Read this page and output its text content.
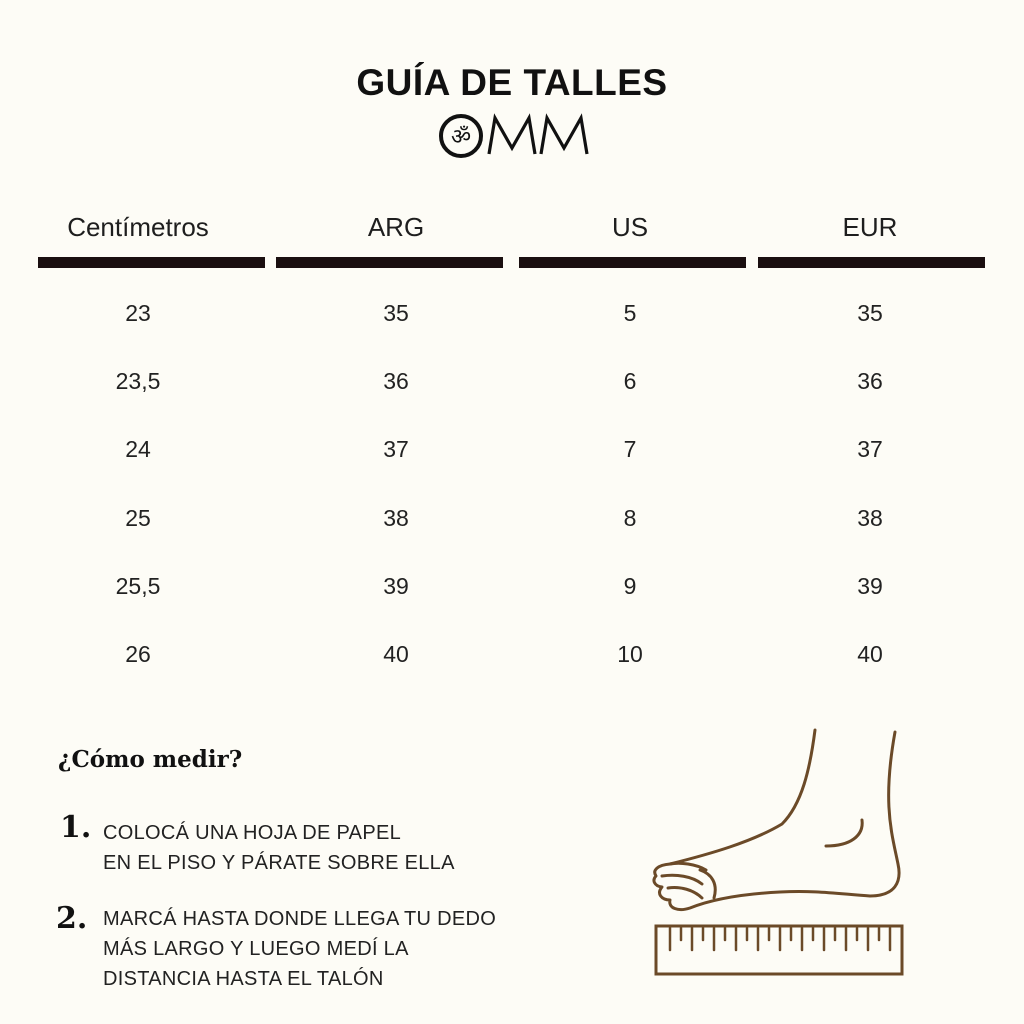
GUÍA DE TALLES
ॐ
Centímetros	ARG	US	EUR
23	35	5	35
23,5	36	6	36
24	37	7	37
25	38	8	38
25,5	39	9	39
26	40	10	40
¿Cómo medir?
1. COLOCÁ UNA HOJA DE PAPEL
EN EL PISO Y PÁRATE SOBRE ELLA
2. MARCÁ HASTA DONDE LLEGA TU DEDO
MÁS LARGO Y LUEGO MEDÍ LA
DISTANCIA HASTA EL TALÓN
